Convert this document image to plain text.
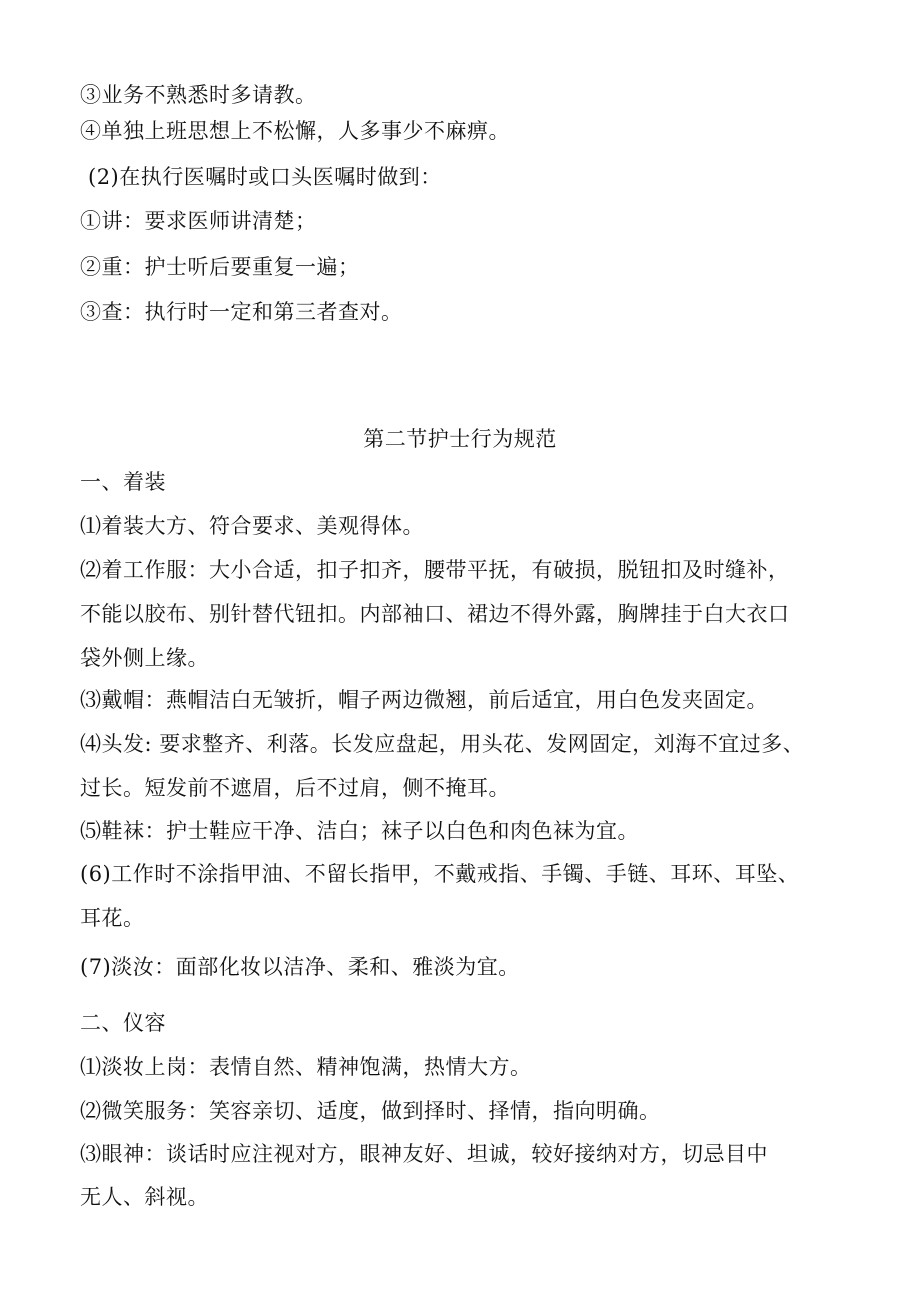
③业务不熟悉时多请教。
④单独上班思想上不松懈，人多事少不麻痹。
(2)在执行医嘱时或口头医嘱时做到：
①讲：要求医师讲清楚；
②重：护士听后要重复一遍；
③查：执行时一定和第三者查对。
第二节护士行为规范
一、着装
⑴着装大方、符合要求、美观得体。
⑵着工作服：大小合适，扣子扣齐，腰带平抚，有破损，脱钮扣及时缝补，
不能以胶布、别针替代钮扣。内部袖口、裙边不得外露，胸牌挂于白大衣口
袋外侧上缘。
⑶戴帽：燕帽洁白无皱折，帽子两边微翘，前后适宜，用白色发夹固定。
⑷头发: 要求整齐、利落。长发应盘起，用头花、发网固定，刘海不宜过多、
过长。短发前不遮眉，后不过肩，侧不掩耳。
⑸鞋袜：护士鞋应干净、洁白；袜子以白色和肉色袜为宜。
(6)工作时不涂指甲油、不留长指甲，不戴戒指、手镯、手链、耳环、耳坠、
耳花。
(7)淡汝：面部化妆以洁净、柔和、雅淡为宜。
二、仪容
⑴淡妆上岗：表情自然、精神饱满，热情大方。
⑵微笑服务：笑容亲切、适度，做到择时、择情，指向明确。
⑶眼神：谈话时应注视对方，眼神友好、坦诚，较好接纳对方，切忌目中
无人、斜视。
